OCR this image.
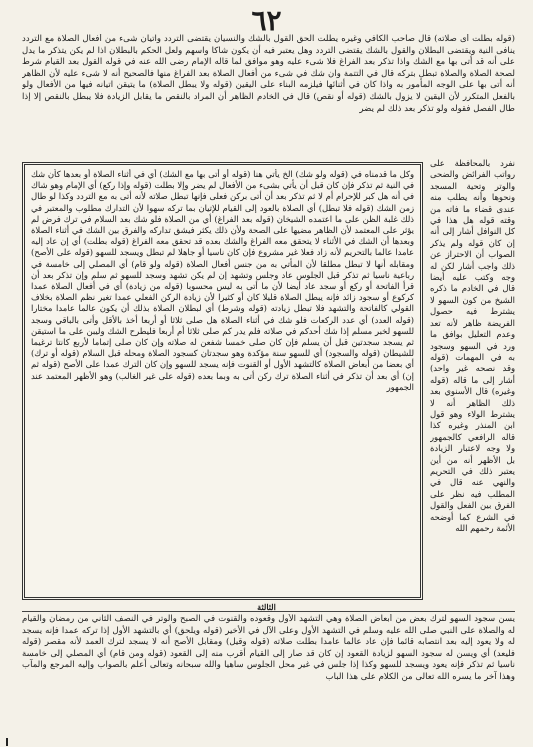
٦٢
(قوله بطلت أى صلاته) قال صاحب الكافي وغيره يطلت الحق القول بالشك والنسيان يقتضى التردد واتيان شىء من أفعال الصلاة مع التردد ينافى النية ويقتضى البطلان والقول بالشك يقتضى التردد وهل يعتبر فيه أن يكون شاكا واسهم ولعل الحكم بالبطلان اذا لم يكن يتذكر ما يدل على أنه قد أتى بها مع الشك واذا تذكر بعد الفراغ فلا شىء عليه وهو موافق لما قاله الإمام رضى الله عنه في قوله القول بعد القيام شرط لصحة الصلاة والصلاة تبطل بتركه قال في التتمة وان شك في شىء من أفعال الصلاة بعد الفراغ منها فالصحيح أنه لا شىء عليه لأن الظاهر أنه أتى بها على الوجه المأمور به واذا كان في أثنائها فيلزمه البناء على اليقين (قوله ولا يبطل الصلاة) ما يتيقن اتيانه فيها من الأفعال ولو بالفعل المتكرر لأن اليقين لا يزول بالشك (قوله أو نقص) قال في الخادم الظاهر أن المراد بالنقص ما يقابل الزيادة فلا يبطل بالنقص إلا إذا طال الفصل فقوله ولو تذكر بعد ذلك لم يضر
وكل ما قدمناه في (قوله ولو شك) الخ يأتي هنا (قوله أو أتى بها مع الشك) أي في أثناء الصلاة أو بعدها كأن شك في النية ثم تذكر فإن كان قبل أن يأتي بشىء من الأفعال لم يضر وإلا بطلت (قوله وإذا ركع) أي الإمام وهو شاك في أنه هل كبر للإحرام أم لا ثم تذكر بعد أن أتى بركن فعلى فإنها تبطل صلاته لأنه أتى به مع التردد وكذا لو طال زمن الشك (قوله فلا تبطل) أي الصلاة بالعود إلى القيام للإتيان بما تركه سهوا لأن التدارك مطلوب والمعتبر في ذلك غلبة الظن على ما اعتمده الشيخان (قوله بعد الفراغ) أي من الصلاة فلو شك بعد السلام في ترك فرض لم يؤثر على المعتمد لأن الظاهر مضيها على الصحة ولأن ذلك يكثر فيشق تداركه والفرق بين الشك في أثناء الصلاة وبعدها أن الشك في الأثناء لا يتحقق معه الفراغ والشك بعده قد تحقق معه الفراغ (قوله بطلت) أي إن عاد إليه عامدا عالما بالتحريم لأنه زاد فعلا غير مشروع فإن كان ناسيا أو جاهلا لم تبطل ويسجد للسهو (قوله على الأصح) ومقابله أنها لا تبطل مطلقا لأن المأتي به من جنس أفعال الصلاة (قوله ولو قام) أي المصلي إلى خامسة في رباعية ناسيا ثم تذكر قبل الجلوس عاد وجلس وتشهد إن لم يكن تشهد وسجد للسهو ثم سلم وإن تذكر بعد أن قرأ الفاتحة أو ركع أو سجد عاد أيضا لأن ما أتى به ليس محسوبا (قوله من زيادة) أي في أفعال الصلاة عمدا كركوع أو سجود زائد فإنه يبطل الصلاة قليلا كان أو كثيرا لأن زيادة الركن الفعلي عمدا تغير نظم الصلاة بخلاف القولي كالفاتحة والتشهد فلا تبطل زيادته (قوله وشرط) أي لبطلان الصلاة بذلك أن يكون عالما عامدا مختارا (قوله العدد) أي عدد الركعات فلو شك في أثناء الصلاة هل صلى ثلاثا أو أربعا أخذ بالأقل وأتى بالباقي وسجد للسهو لخبر مسلم إذا شك أحدكم في صلاته فلم يدر كم صلى ثلاثا أم أربعا فليطرح الشك وليبن على ما استيقن ثم يسجد سجدتين قبل أن يسلم فإن كان صلى خمسا شفعن له صلاته وإن كان صلى إتماما لأربع كانتا ترغيما للشيطان (قوله والسجود) أي للسهو سنة مؤكدة وهو سجدتان كسجود الصلاة ومحله قبل السلام (قوله أو ترك) أي بعضا من أبعاض الصلاة كالتشهد الأول أو القنوت فإنه يسجد للسهو وإن كان الترك عمدا على الأصح (قوله ثم إن) أي بعد أن تذكر في أثناء الصلاة ترك ركن أتى به وبما بعده (قوله على غير الغالب) وهو الأظهر المعتمد عند الجمهور
نفرد بالمحافظة على رواتب الفرائض والضحى والوتر وتحية المسجد ونحوها وأنه يطلب منه عندى قضاء ما فاته من وقته قوله هل هذا في كل النوافل أشار إلى أنه إن كان قوله ولم يذكر الصواب أن الاحتراز عن ذلك واجب أشار لكن له وجه وكتب عليه أيضا قال في الخادم ما ذكره الشيخ من كون السهو لا يشترط فيه حصول الفريضة ظاهر لأنه تعد وعدم التعليل بوافق ما ورد في السهو وسجود به في المهمات (قوله وقد نصحه غير واحد) أشار إلى ما قاله (قوله وغيره) قال الأسنوي بعد ذلك الظاهر أنه لا يشترط الولاء وهو قول ابن المنذر وغيره كذا قاله الرافعي كالجمهور ولا وجه لاعتبار الزيادة بل الأظهر أنه من أين يعتبر ذلك في التحريم والنهي عنه قال في المطلب فيه نظر على الفرق بين الفعل والقول في الشرع كما أوضحه الأئمة رحمهم الله
الثالثة
يسن سجود السهو لترك بعض من أبعاض الصلاة وهي التشهد الأول وقعوده والقنوت في الصبح والوتر في النصف الثاني من رمضان والقيام له والصلاة على النبي صلى الله عليه وسلم في التشهد الأول وعلى الآل في الأخير (قوله ويلحق) أي بالتشهد الأول إذا تركه عمدا فإنه يسجد له ولا يعود إليه بعد انتصابه قائما فإن عاد عالما عامدا بطلت صلاته (قوله وقيل) ومقابل الأصح أنه لا يسجد لترك العمد لأنه مقصر (قوله فليعد) أي ويسن له سجود السهو لزيادة القعود إن كان قد صار إلى القيام أقرب منه إلى القعود (قوله ومن قام) أي المصلي إلى خامسة ناسيا ثم تذكر فإنه يعود ويسجد للسهو وكذا إذا جلس في غير محل الجلوس ساهيا والله سبحانه وتعالى أعلم بالصواب وإليه المرجع والمآب وهذا آخر ما يسره الله تعالى من الكلام على هذا الباب
